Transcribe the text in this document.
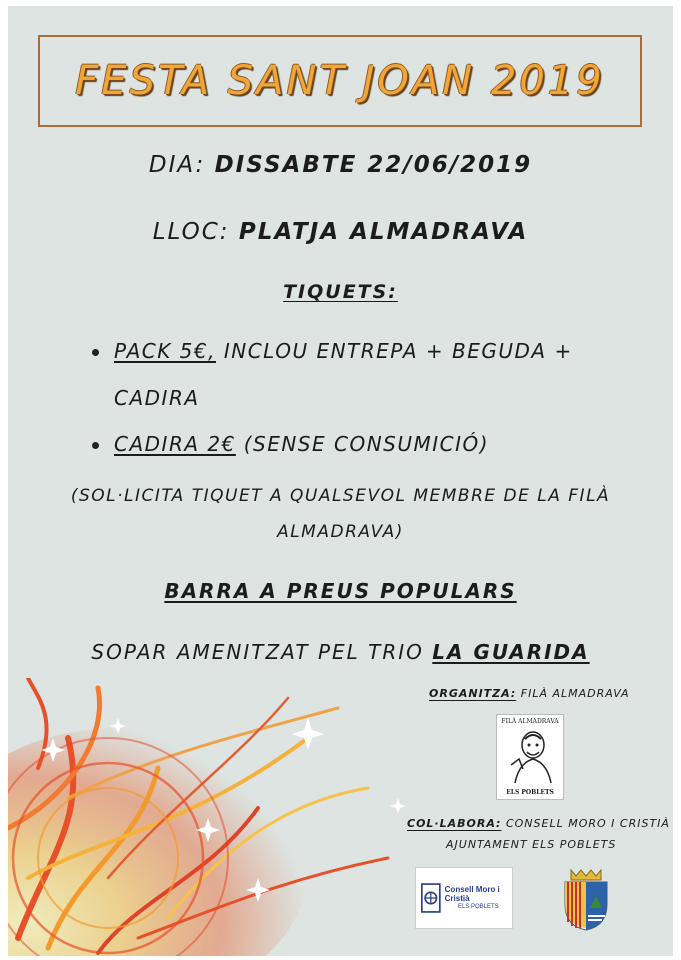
FESTA SANT JOAN 2019
DIA: DISSABTE 22/06/2019
LLOC: PLATJA ALMADRAVA
TIQUETS:
PACK 5€, INCLOU ENTREPA + BEGUDA +
CADIRA
CADIRA 2€ (SENSE CONSUMICIÓ)
(SOL·LICITA TIQUET A QUALSEVOL MEMBRE DE LA FILÀ
ALMADRAVA)
BARRA A PREUS POPULARS
SOPAR AMENITZAT PEL TRIO LA GUARIDA
ORGANITZA: FILÀ ALMADRAVA
FILÀ ALMADRAVA
ELS POBLETS
COL·LABORA: CONSELL MORO I CRISTIÀ
AJUNTAMENT ELS POBLETS
Consell Moro i Cristià
ELS POBLETS
